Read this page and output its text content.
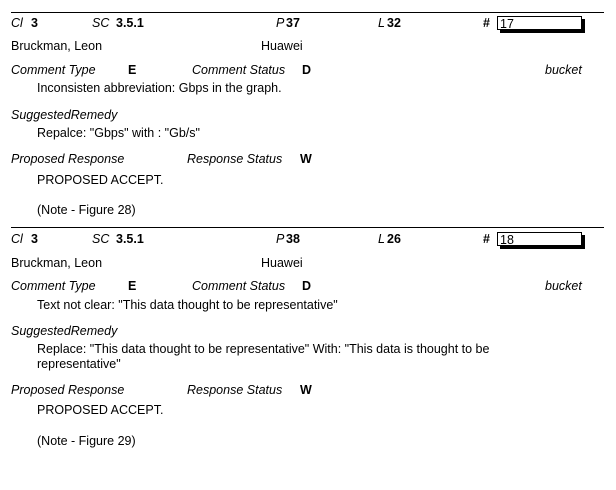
Cl 3	SC 3.5.1	P 37	L 32	# 17
Bruckman, Leon	Huawei
Comment Type	E	Comment Status D	bucket
Inconsisten abbreviation: Gbps in the graph.
SuggestedRemedy
Repalce: "Gbps" with : "Gb/s"
Proposed Response	Response Status W
PROPOSED ACCEPT.
(Note - Figure 28)
Cl 3	SC 3.5.1	P 38	L 26	# 18
Bruckman, Leon	Huawei
Comment Type	E	Comment Status D	bucket
Text not clear: "This data thought to be representative"
SuggestedRemedy
Replace: "This data thought to be representative" With: "This data is thought to be representative"
Proposed Response	Response Status W
PROPOSED ACCEPT.
(Note - Figure 29)
